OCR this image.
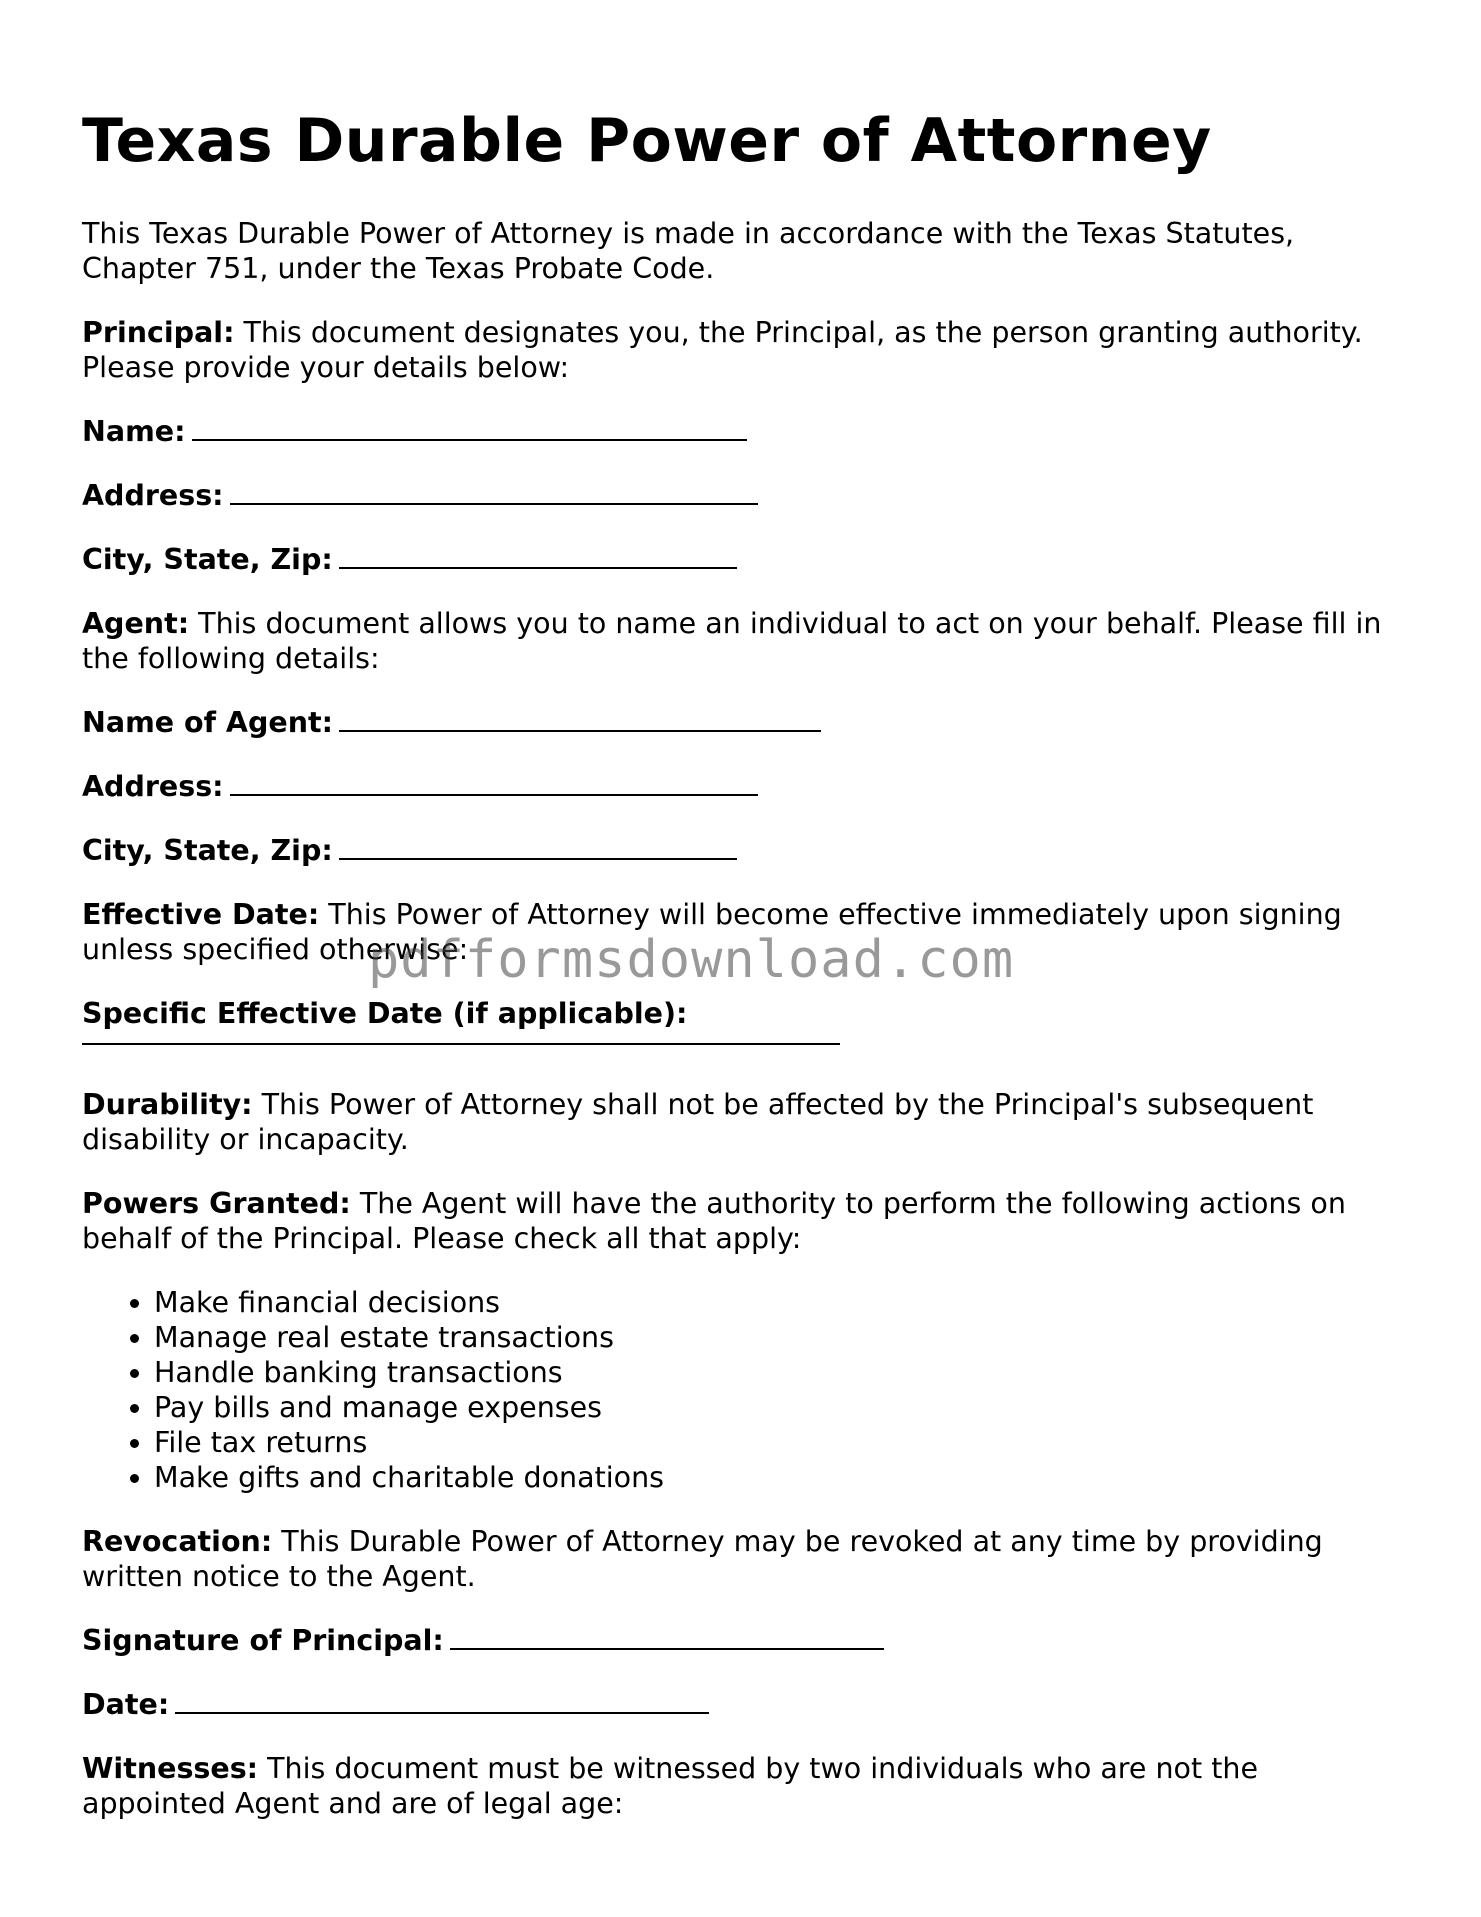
Texas Durable Power of Attorney

This Texas Durable Power of Attorney is made in accordance with the Texas Statutes, Chapter 751, under the Texas Probate Code.

Principal: This document designates you, the Principal, as the person granting authority. Please provide your details below:

Name:
Address:
City, State, Zip:

Agent: This document allows you to name an individual to act on your behalf. Please fill in the following details:

Name of Agent:
Address:
City, State, Zip:

Effective Date: This Power of Attorney will become effective immediately upon signing unless specified otherwise:

Specific Effective Date (if applicable):

Durability: This Power of Attorney shall not be affected by the Principal's subsequent disability or incapacity.

Powers Granted: The Agent will have the authority to perform the following actions on behalf of the Principal. Please check all that apply:

• Make financial decisions
• Manage real estate transactions
• Handle banking transactions
• Pay bills and manage expenses
• File tax returns
• Make gifts and charitable donations

Revocation: This Durable Power of Attorney may be revoked at any time by providing written notice to the Agent.

Signature of Principal:
Date:

Witnesses: This document must be witnessed by two individuals who are not the appointed Agent and are of legal age:

pdfformsdownload.com
